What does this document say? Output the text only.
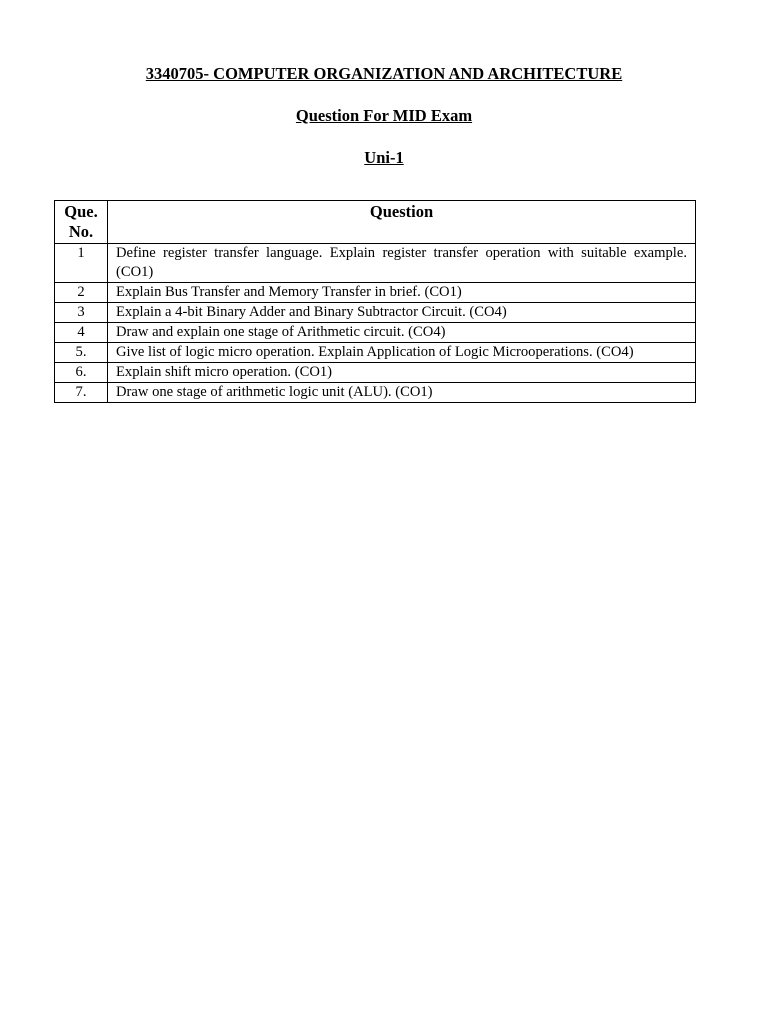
3340705- COMPUTER ORGANIZATION AND ARCHITECTURE
Question For MID Exam
Uni-1
Que.
No.	Question
1	Define register transfer language. Explain register transfer operation with suitable example. (CO1)
2	Explain Bus Transfer and Memory Transfer in brief. (CO1)
3	Explain a 4-bit Binary Adder and Binary Subtractor Circuit. (CO4)
4	Draw and explain one stage of Arithmetic circuit. (CO4)
5.	Give list of logic micro operation. Explain Application of Logic Microoperations. (CO4)
6.	Explain shift micro operation. (CO1)
7.	Draw one stage of arithmetic logic unit (ALU). (CO1)
